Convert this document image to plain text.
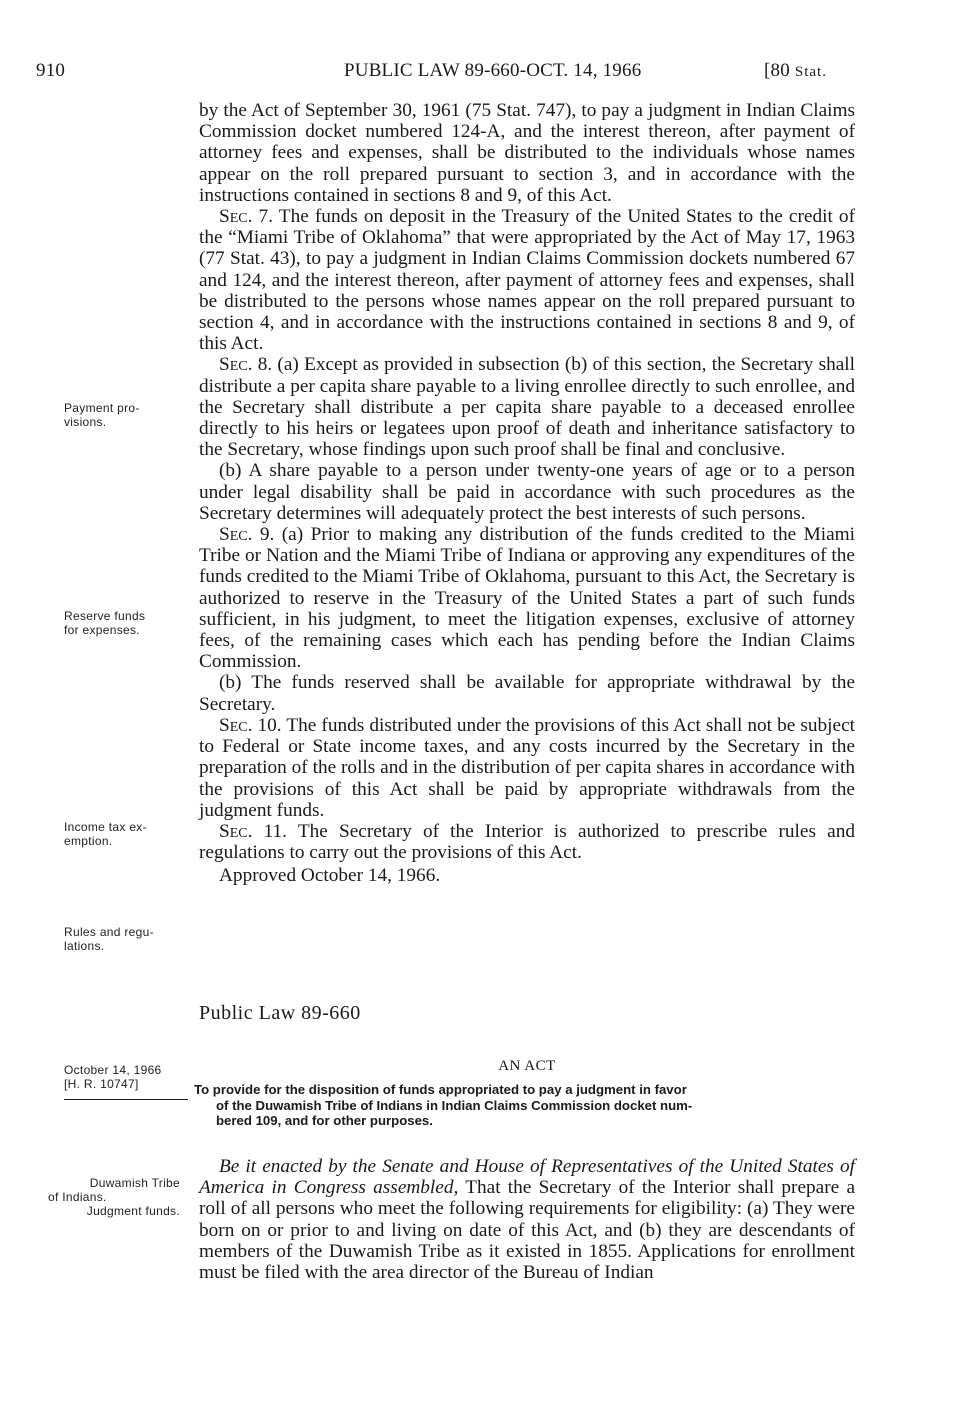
910	PUBLIC LAW 89-660-OCT. 14, 1966	[80 Stat.

by the Act of September 30, 1961 (75 Stat. 747), to pay a judgment in Indian Claims Commission docket numbered 124-A, and the interest thereon, after payment of attorney fees and expenses, shall be distributed to the individuals whose names appear on the roll prepared pursuant to section 3, and in accordance with the instructions contained in sections 8 and 9, of this Act.

Sec. 7. The funds on deposit in the Treasury of the United States to the credit of the “Miami Tribe of Oklahoma” that were appropriated by the Act of May 17, 1963 (77 Stat. 43), to pay a judgment in Indian Claims Commission dockets numbered 67 and 124, and the interest thereon, after payment of attorney fees and expenses, shall be distributed to the persons whose names appear on the roll prepared pursuant to section 4, and in accordance with the instructions contained in sections 8 and 9, of this Act.

Sec. 8. (a) Except as provided in subsection (b) of this section, the Secretary shall distribute a per capita share payable to a living enrollee directly to such enrollee, and the Secretary shall distribute a per capita share payable to a deceased enrollee directly to his heirs or legatees upon proof of death and inheritance satisfactory to the Secretary, whose findings upon such proof shall be final and conclusive.

(b) A share payable to a person under twenty-one years of age or to a person under legal disability shall be paid in accordance with such procedures as the Secretary determines will adequately protect the best interests of such persons.

Sec. 9. (a) Prior to making any distribution of the funds credited to the Miami Tribe or Nation and the Miami Tribe of Indiana or approving any expenditures of the funds credited to the Miami Tribe of Oklahoma, pursuant to this Act, the Secretary is authorized to reserve in the Treasury of the United States a part of such funds sufficient, in his judgment, to meet the litigation expenses, exclusive of attorney fees, of the remaining cases which each has pending before the Indian Claims Commission.

(b) The funds reserved shall be available for appropriate withdrawal by the Secretary.

Sec. 10. The funds distributed under the provisions of this Act shall not be subject to Federal or State income taxes, and any costs incurred by the Secretary in the preparation of the rolls and in the distribution of per capita shares in accordance with the provisions of this Act shall be paid by appropriate withdrawals from the judgment funds.

Sec. 11. The Secretary of the Interior is authorized to prescribe rules and regulations to carry out the provisions of this Act.

Approved October 14, 1966.

Payment pro-
visions.
Reserve funds
for expenses.
Income tax ex-
emption.
Rules and regu-
lations.
October 14, 1966
[H. R. 10747]
Duwamish Tribe
of Indians.
Judgment funds.
Public Law 89-660
AN ACT
To provide for the disposition of funds appropriated to pay a judgment in favor
of the Duwamish Tribe of Indians in Indian Claims Commission docket num-
bered 109, and for other purposes.

Be it enacted by the Senate and House of Representatives of the United States of America in Congress assembled, That the Secretary of the Interior shall prepare a roll of all persons who meet the following requirements for eligibility: (a) They were born on or prior to and living on date of this Act, and (b) they are descendants of members of the Duwamish Tribe as it existed in 1855. Applications for enrollment must be filed with the area director of the Bureau of Indian
